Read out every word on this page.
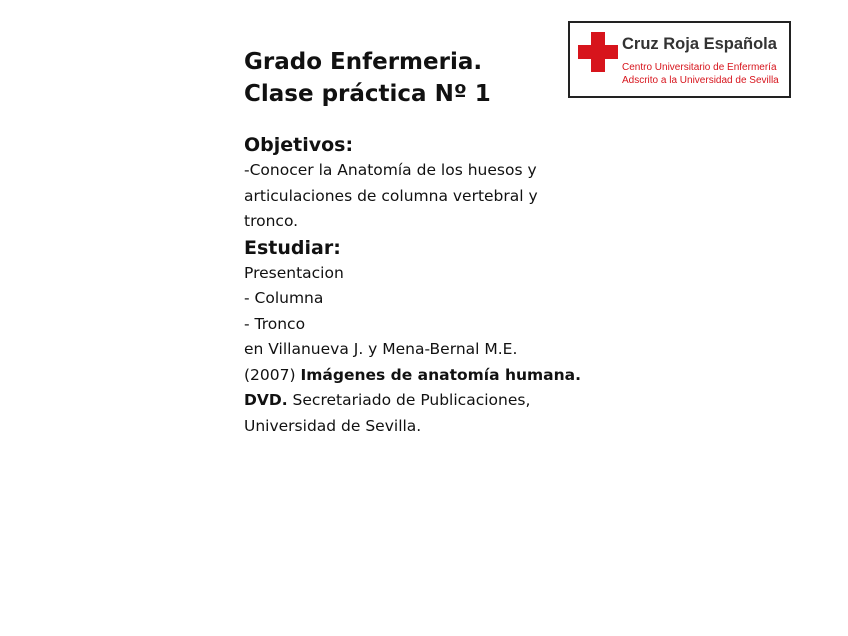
Cruz Roja Española
Centro Universitario de Enfermería
Adscrito a la Universidad de Sevilla

Grado Enfermeria.

Clase práctica Nº 1

Objetivos:

-Conocer la Anatomía de los huesos y

articulaciones de columna vertebral y

tronco.

Estudiar:

Presentacion

- Columna

- Tronco

en Villanueva J. y Mena-Bernal M.E.

(2007) Imágenes de anatomía humana.

DVD. Secretariado de Publicaciones,

Universidad de Sevilla.
